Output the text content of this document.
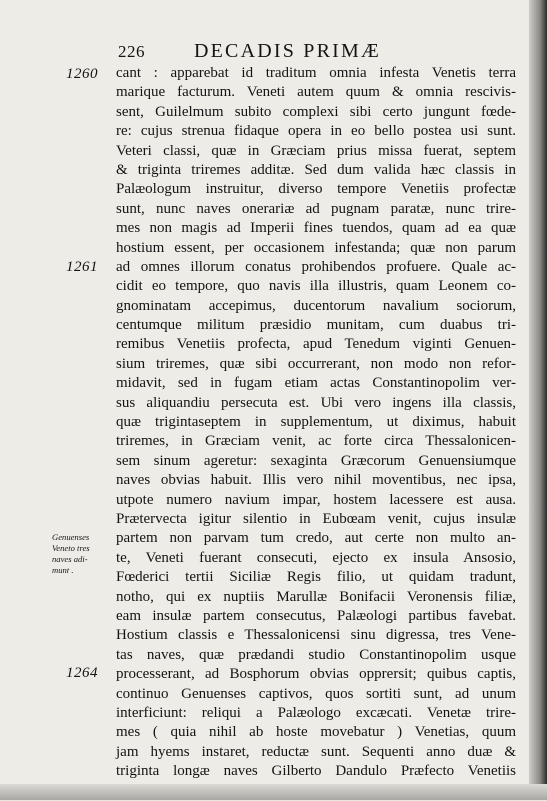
226 DECADIS PRIMÆ
1260
1261
1264
Genuenses
Veneto tres
naves adi-
munt .
cant : apparebat id traditum omnia infesta Venetis terra
marique facturum. Veneti autem quum & omnia rescivis-
sent, Guilelmum subito complexi sibi certo jungunt fœde-
re: cujus strenua fidaque opera in eo bello postea usi sunt.
Veteri classi, quæ in Græciam prius missa fuerat, septem
& triginta triremes additæ. Sed dum valida hæc classis in
Palæologum instruitur, diverso tempore Venetiis profectæ
sunt, nunc naves onerariæ ad pugnam paratæ, nunc trire-
mes non magis ad Imperii fines tuendos, quam ad ea quæ
hostium essent, per occasionem infestanda; quæ non parum
ad omnes illorum conatus prohibendos profuere. Quale ac-
cidit eo tempore, quo navis illa illustris, quam Leonem co-
gnominatam accepimus, ducentorum navalium sociorum,
centumque militum præsidio munitam, cum duabus tri-
remibus Venetiis profecta, apud Tenedum viginti Genuen-
sium triremes, quæ sibi occurrerant, non modo non refor-
midavit, sed in fugam etiam actas Constantinopolim ver-
sus aliquandiu persecuta est. Ubi vero ingens illa classis,
quæ trigintaseptem in supplementum, ut diximus, habuit
triremes, in Græciam venit, ac forte circa Thessalonicen-
sem sinum ageretur: sexaginta Græcorum Genuensiumque
naves obvias habuit. Illis vero nihil moventibus, nec ipsa,
utpote numero navium impar, hostem lacessere est ausa.
Prætervecta igitur silentio in Eubœam venit, cujus insulæ
partem non parvam tum credo, aut certe non multo an-
te, Veneti fuerant consecuti, ejecto ex insula Ansosio,
Fœderici tertii Siciliæ Regis filio, ut quidam tradunt,
notho, qui ex nuptiis Marullæ Bonifacii Veronensis filiæ,
eam insulæ partem consecutus, Palæologi partibus favebat.
Hostium classis e Thessalonicensi sinu digressa, tres Vene-
tas naves, quæ prædandi studio Constantinopolim usque
processerant, ad Bosphorum obvias opprersit; quibus captis,
continuo Genuenses captivos, quos sortiti sunt, ad unum
interficiunt: reliqui a Palæologo excæcati. Venetæ trire-
mes ( quia nihil ab hoste movebatur ) Venetias, quum
jam hyems instaret, reductæ sunt. Sequenti anno duæ &
triginta longæ naves Gilberto Dandulo Præfecto Venetiis
